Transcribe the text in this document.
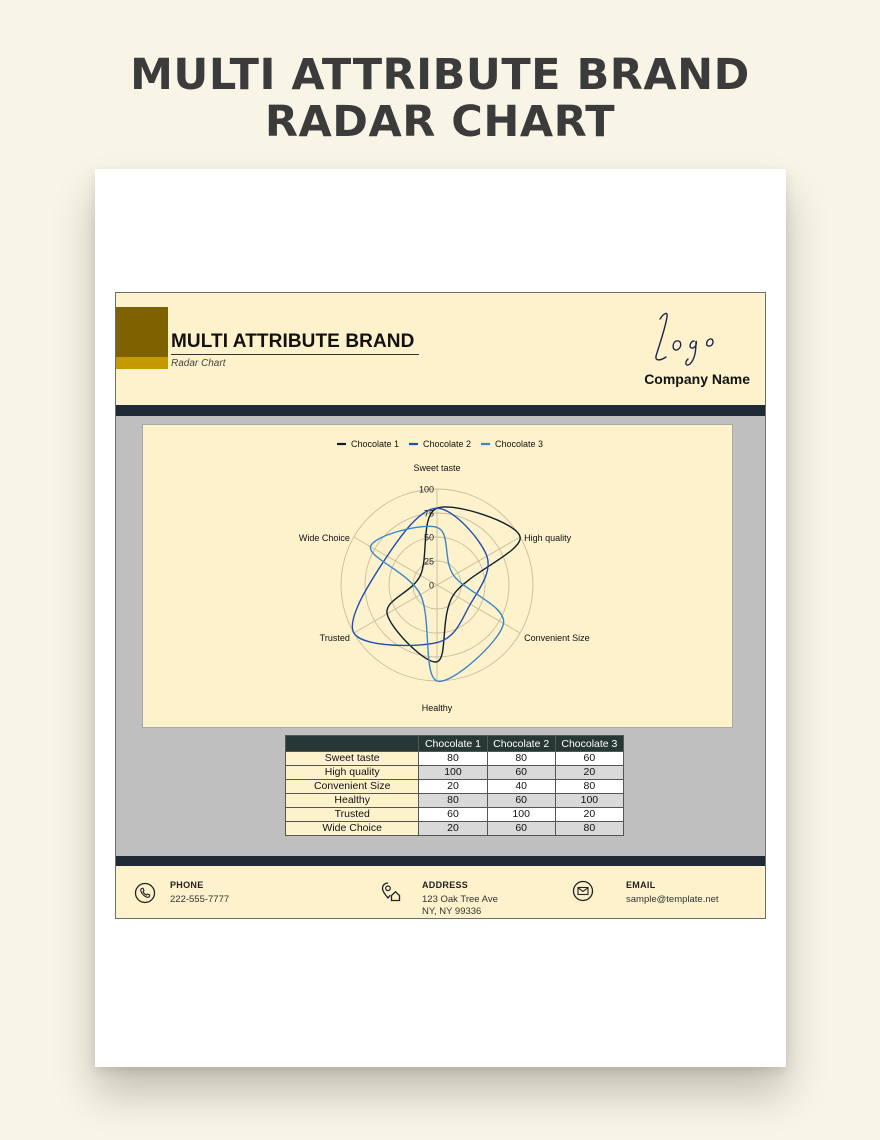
MULTI ATTRIBUTE BRAND
RADAR CHART
MULTI ATTRIBUTE BRAND
Radar Chart
Company Name
Chocolate 1	Chocolate 2	Chocolate 3
0
25
50
75
100
Sweet taste
High quality
Convenient Size
Healthy
Trusted
Wide Choice
	Chocolate 1	Chocolate 2	Chocolate 3
Sweet taste	80	80	60
High quality	100	60	20
Convenient Size	20	40	80
Healthy	80	60	100
Trusted	60	100	20
Wide Choice	20	60	80
PHONE
222-555-7777
ADDRESS
123 Oak Tree Ave
NY, NY 99336
EMAIL
sample@template.net
